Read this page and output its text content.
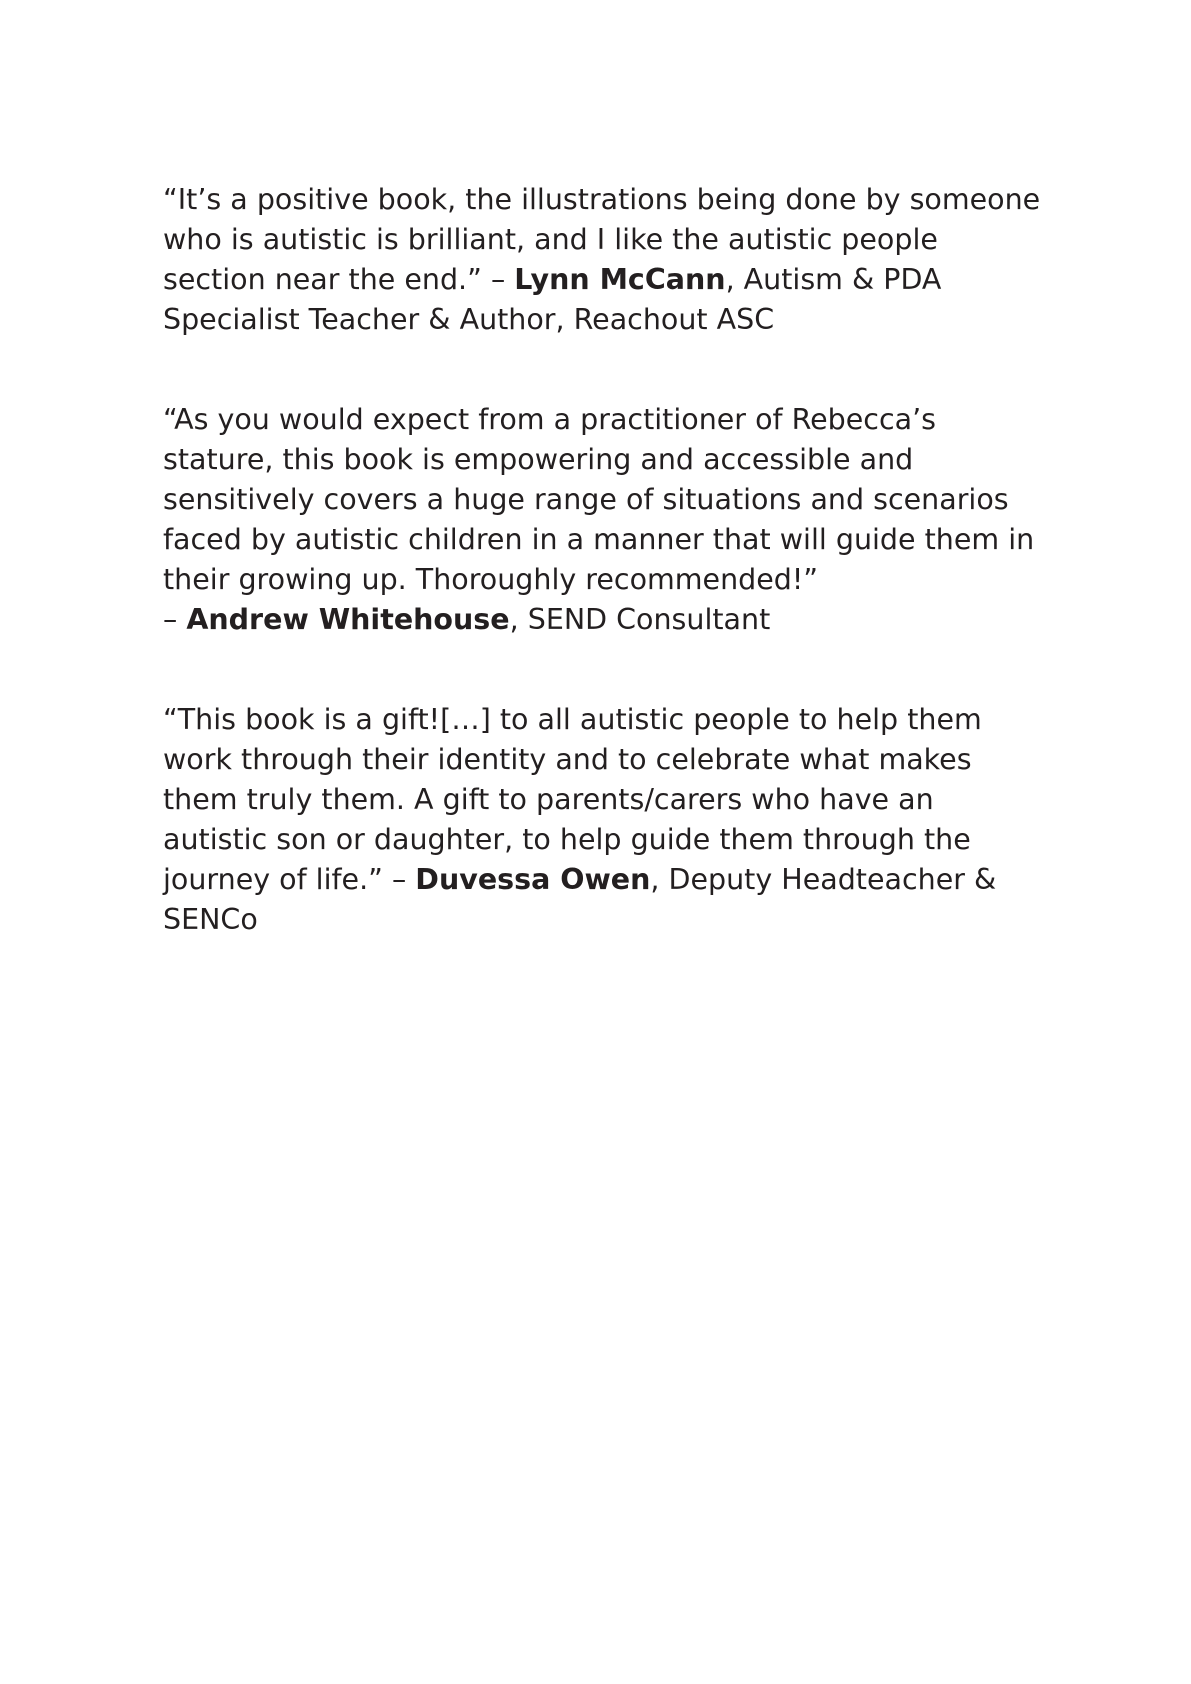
“It’s a positive book, the illustrations being done by someone
who is autistic is brilliant, and I like the autistic people
section near the end.” – Lynn McCann, Autism & PDA
Specialist Teacher & Author, Reachout ASC

“As you would expect from a practitioner of Rebecca’s
stature, this book is empowering and accessible and
sensitively covers a huge range of situations and scenarios
faced by autistic children in a manner that will guide them in
their growing up. Thoroughly recommended!”
– Andrew Whitehouse, SEND Consultant

“This book is a gift![…] to all autistic people to help them
work through their identity and to celebrate what makes
them truly them. A gift to parents/carers who have an
autistic son or daughter, to help guide them through the
journey of life.” – Duvessa Owen, Deputy Headteacher &
SENCo
